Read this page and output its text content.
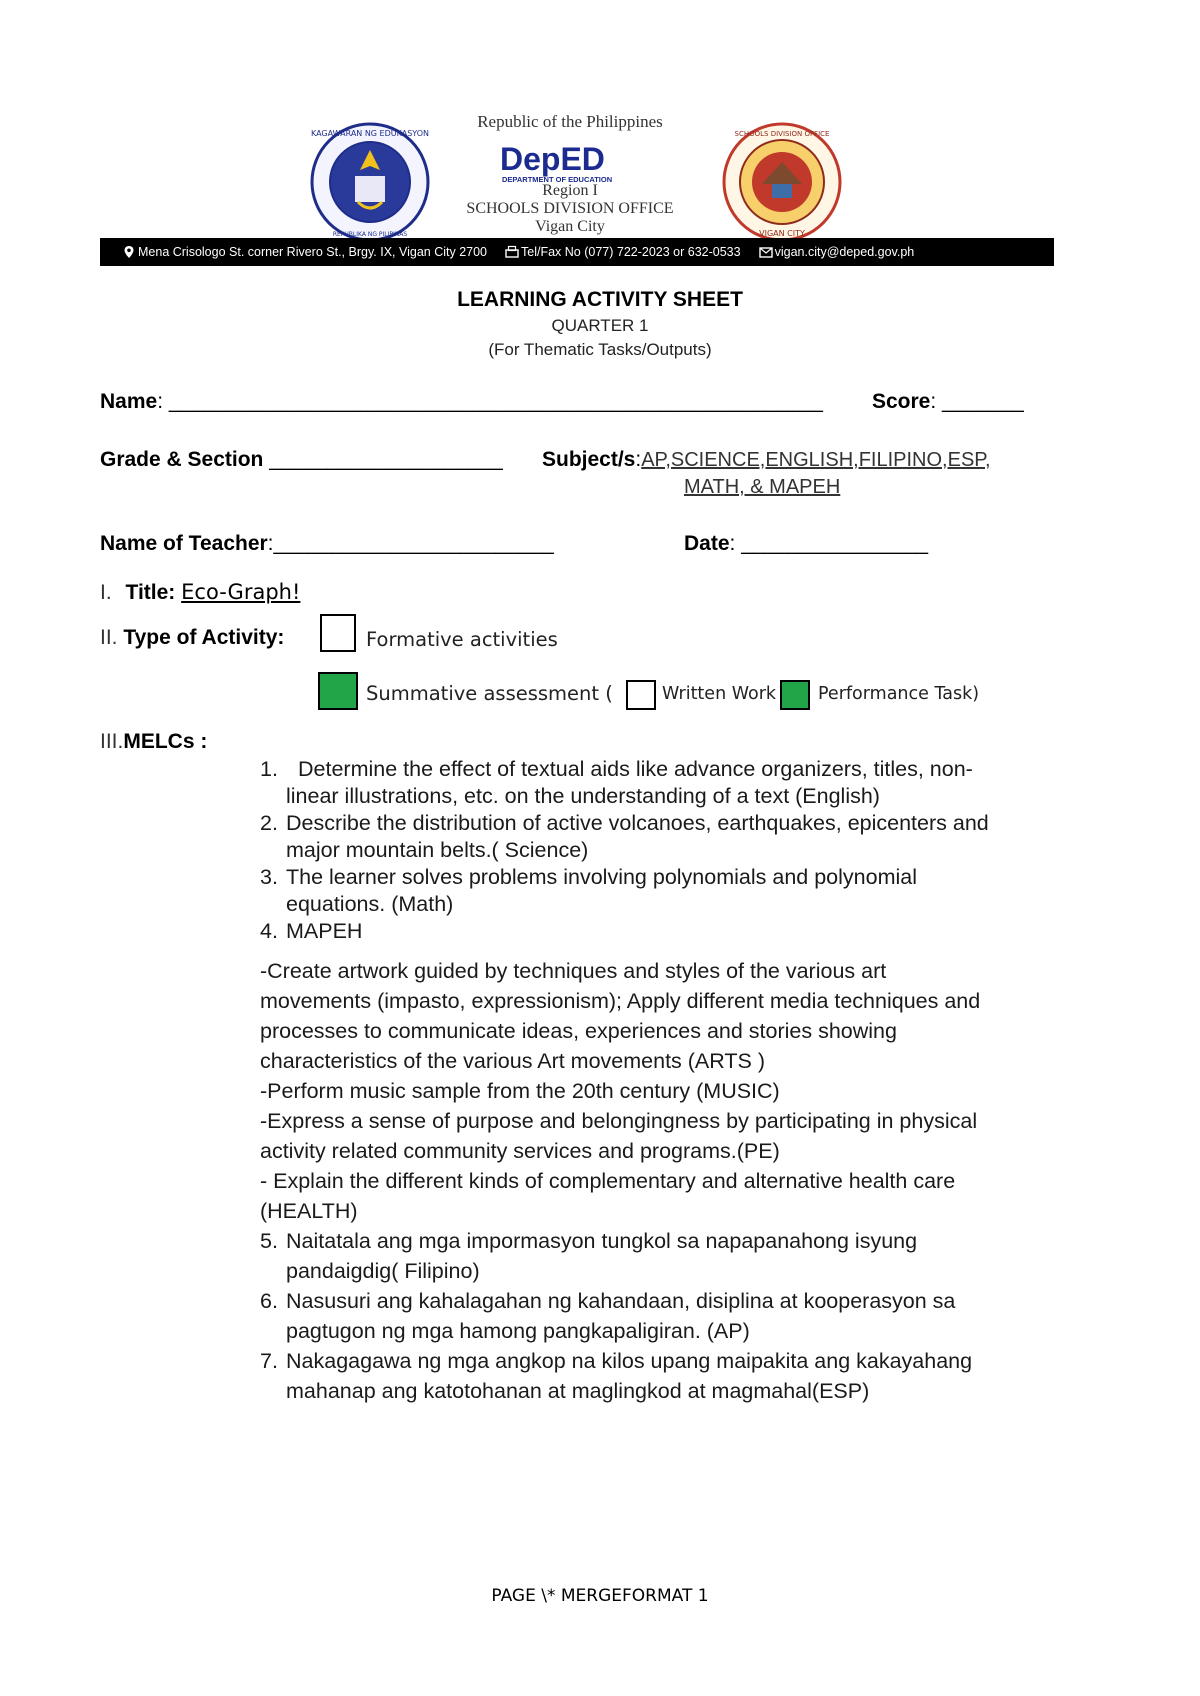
KAGAWARAN NG EDUKASYON
REPUBLIKA NG PILIPINAS
Republic of the Philippines
DepED
DEPARTMENT OF EDUCATION
Region I
SCHOOLS DIVISION OFFICE
Vigan City
SCHOOLS DIVISION OFFICE
VIGAN CITY
Mena Crisologo St. corner Rivero St., Brgy. IX, Vigan City 2700	Tel/Fax No (077) 722-2023 or 632-0533	vigan.city@deped.gov.ph
LEARNING ACTIVITY SHEET
QUARTER 1
(For Thematic Tasks/Outputs)
Name: ________________________________________________________ Score: _______
Grade & Section ____________________ Subject/s:AP,SCIENCE,ENGLISH,FILIPINO,ESP,
MATH, & MAPEH
Name of Teacher:________________________	Date: ________________
I. Title: Eco-Graph!
II. Type of Activity:	Formative activities
Summative assessment (	Written Work Performance Task)
III.MELCs :
1. Determine the effect of textual aids like advance organizers, titles, non-
linear illustrations, etc. on the understanding of a text (English)
2. Describe the distribution of active volcanoes, earthquakes, epicenters and
major mountain belts.( Science)
3. The learner solves problems involving polynomials and polynomial
equations. (Math)
4. MAPEH
-Create artwork guided by techniques and styles of the various art
movements (impasto, expressionism); Apply different media techniques and
processes to communicate ideas, experiences and stories showing
characteristics of the various Art movements (ARTS )
-Perform music sample from the 20th century (MUSIC)
-Express a sense of purpose and belongingness by participating in physical
activity related community services and programs.(PE)
- Explain the different kinds of complementary and alternative health care
(HEALTH)
5. Naitatala ang mga impormasyon tungkol sa napapanahong isyung
pandaigdig( Filipino)
6. Nasusuri ang kahalagahan ng kahandaan, disiplina at kooperasyon sa
pagtugon ng mga hamong pangkapaligiran. (AP)
7. Nakagagawa ng mga angkop na kilos upang maipakita ang kakayahang
mahanap ang katotohanan at maglingkod at magmahal(ESP)
PAGE \* MERGEFORMAT 1
